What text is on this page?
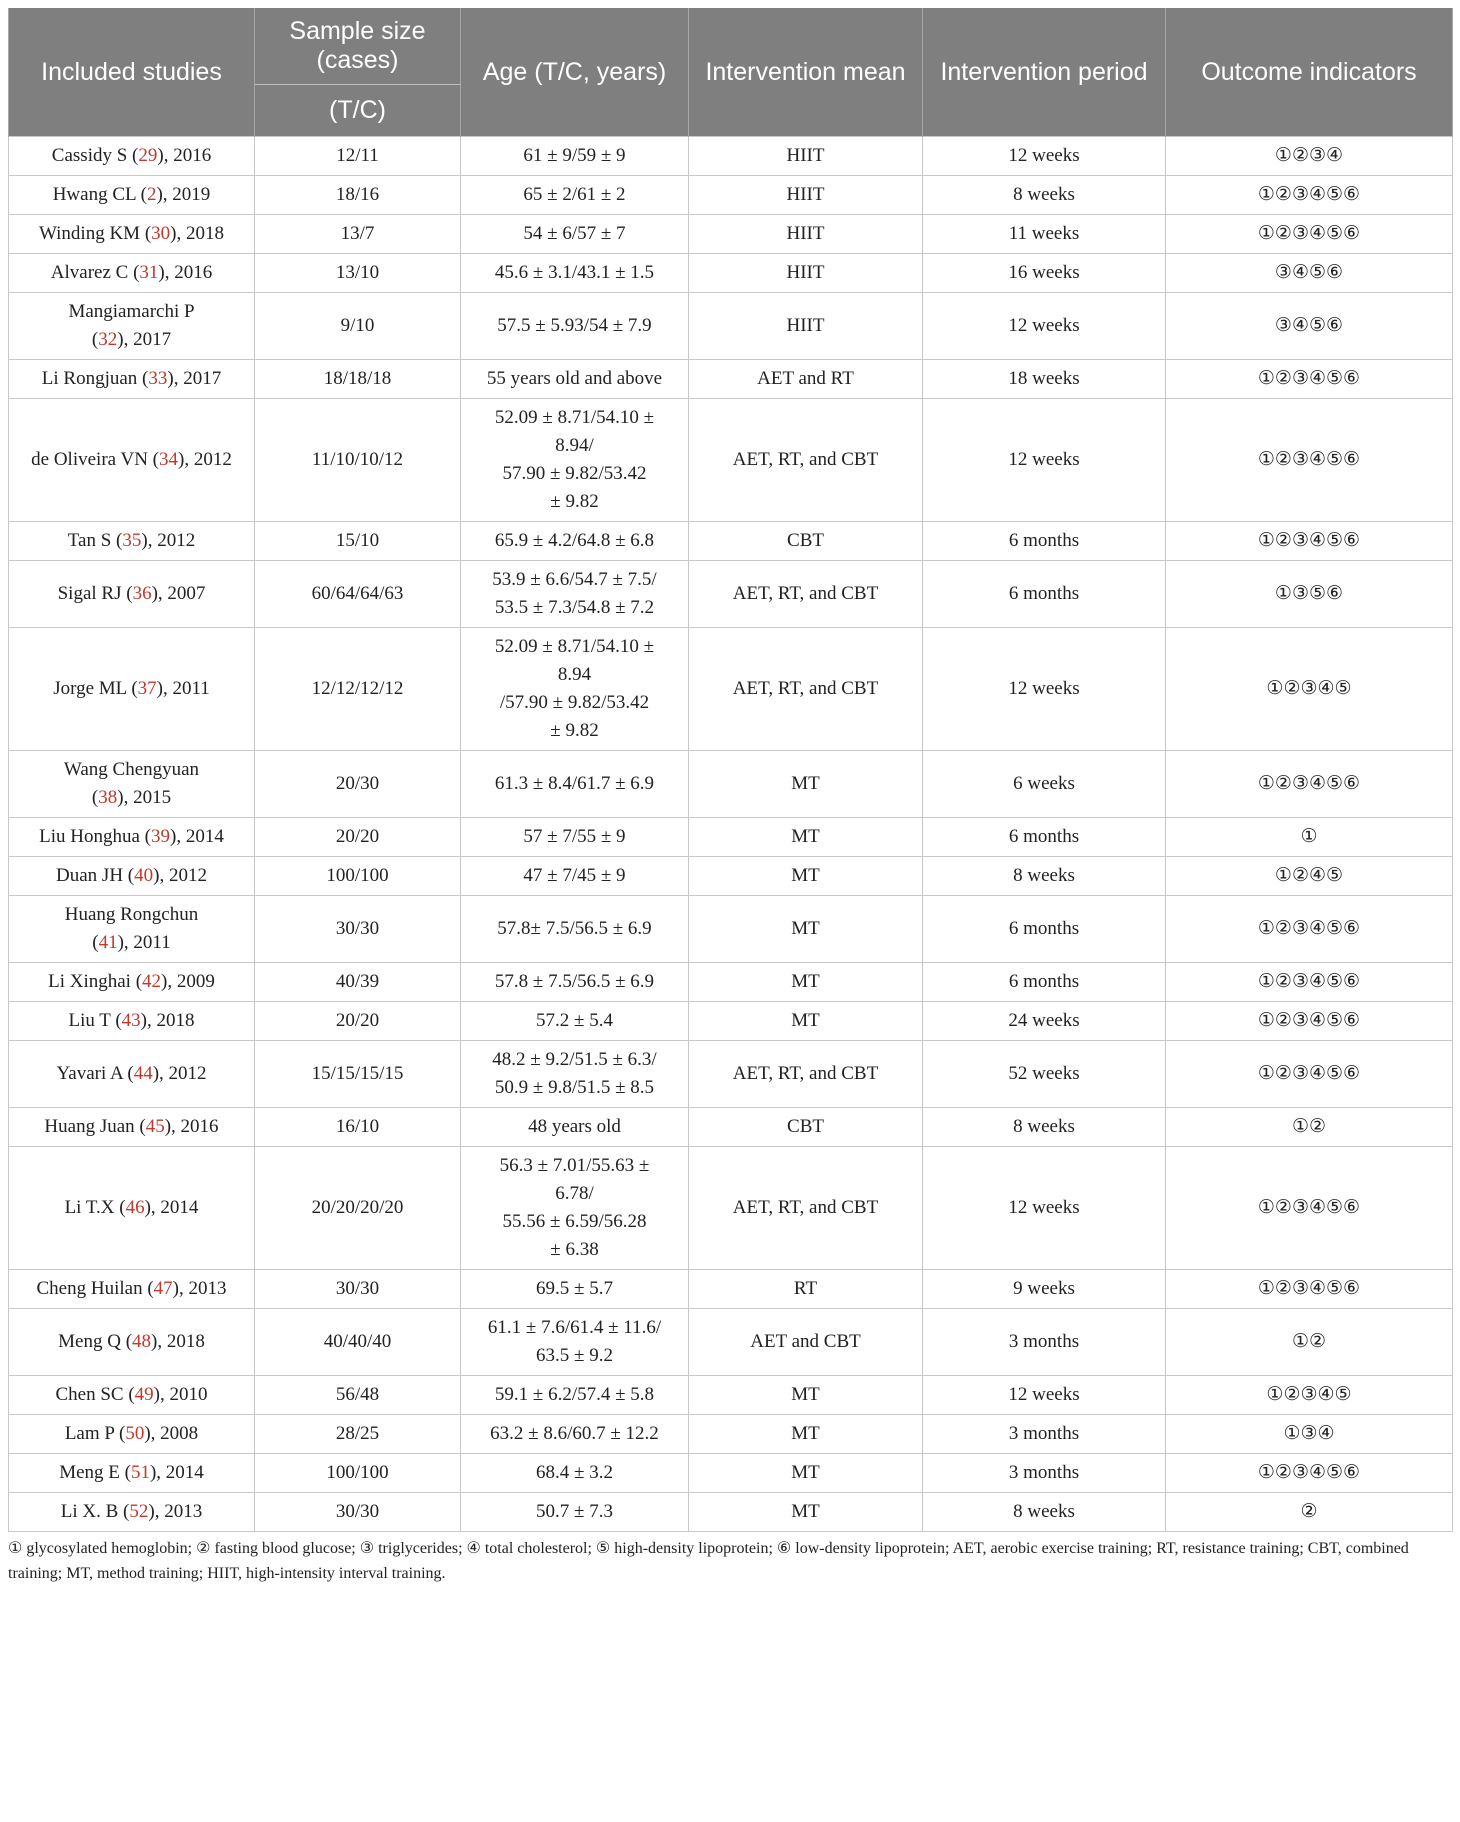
Included studies	Sample size (cases)	Age (T/C, years)	Intervention mean	Intervention period	Outcome indicators
	(T/C)				
Cassidy S (29), 2016	12/11	61 ± 9/59 ± 9	HIIT	12 weeks	①②③④
Hwang CL (2), 2019	18/16	65 ± 2/61 ± 2	HIIT	8 weeks	①②③④⑤⑥
Winding KM (30), 2018	13/7	54 ± 6/57 ± 7	HIIT	11 weeks	①②③④⑤⑥
Alvarez C (31), 2016	13/10	45.6 ± 3.1/43.1 ± 1.5	HIIT	16 weeks	③④⑤⑥
Mangiamarchi P
(32), 2017	9/10	57.5 ± 5.93/54 ± 7.9	HIIT	12 weeks	③④⑤⑥
Li Rongjuan (33), 2017	18/18/18	55 years old and above	AET and RT	18 weeks	①②③④⑤⑥
de Oliveira VN (34), 2012	11/10/10/12	52.09 ± 8.71/54.10 ±
8.94/
57.90 ± 9.82/53.42
± 9.82	AET, RT, and CBT	12 weeks	①②③④⑤⑥
Tan S (35), 2012	15/10	65.9 ± 4.2/64.8 ± 6.8	CBT	6 months	①②③④⑤⑥
Sigal RJ (36), 2007	60/64/64/63	53.9 ± 6.6/54.7 ± 7.5/
53.5 ± 7.3/54.8 ± 7.2	AET, RT, and CBT	6 months	①③⑤⑥
Jorge ML (37), 2011	12/12/12/12	52.09 ± 8.71/54.10 ±
8.94
/57.90 ± 9.82/53.42
± 9.82	AET, RT, and CBT	12 weeks	①②③④⑤
Wang Chengyuan
(38), 2015	20/30	61.3 ± 8.4/61.7 ± 6.9	MT	6 weeks	①②③④⑤⑥
Liu Honghua (39), 2014	20/20	57 ± 7/55 ± 9	MT	6 months	①
Duan JH (40), 2012	100/100	47 ± 7/45 ± 9	MT	8 weeks	①②④⑤
Huang Rongchun
(41), 2011	30/30	57.8± 7.5/56.5 ± 6.9	MT	6 months	①②③④⑤⑥
Li Xinghai (42), 2009	40/39	57.8 ± 7.5/56.5 ± 6.9	MT	6 months	①②③④⑤⑥
Liu T (43), 2018	20/20	57.2 ± 5.4	MT	24 weeks	①②③④⑤⑥
Yavari A (44), 2012	15/15/15/15	48.2 ± 9.2/51.5 ± 6.3/
50.9 ± 9.8/51.5 ± 8.5	AET, RT, and CBT	52 weeks	①②③④⑤⑥
Huang Juan (45), 2016	16/10	48 years old	CBT	8 weeks	①②
Li T.X (46), 2014	20/20/20/20	56.3 ± 7.01/55.63 ±
6.78/
55.56 ± 6.59/56.28
± 6.38	AET, RT, and CBT	12 weeks	①②③④⑤⑥
Cheng Huilan (47), 2013	30/30	69.5 ± 5.7	RT	9 weeks	①②③④⑤⑥
Meng Q (48), 2018	40/40/40	61.1 ± 7.6/61.4 ± 11.6/
63.5 ± 9.2	AET and CBT	3 months	①②
Chen SC (49), 2010	56/48	59.1 ± 6.2/57.4 ± 5.8	MT	12 weeks	①②③④⑤
Lam P (50), 2008	28/25	63.2 ± 8.6/60.7 ± 12.2	MT	3 months	①③④
Meng E (51), 2014	100/100	68.4 ± 3.2	MT	3 months	①②③④⑤⑥
Li X. B (52), 2013	30/30	50.7 ± 7.3	MT	8 weeks	②
① glycosylated hemoglobin; ② fasting blood glucose; ③ triglycerides; ④ total cholesterol; ⑤ high-density lipoprotein; ⑥ low-density lipoprotein; AET, aerobic exercise training; RT, resistance training; CBT, combined training; MT, method training; HIIT, high-intensity interval training.
